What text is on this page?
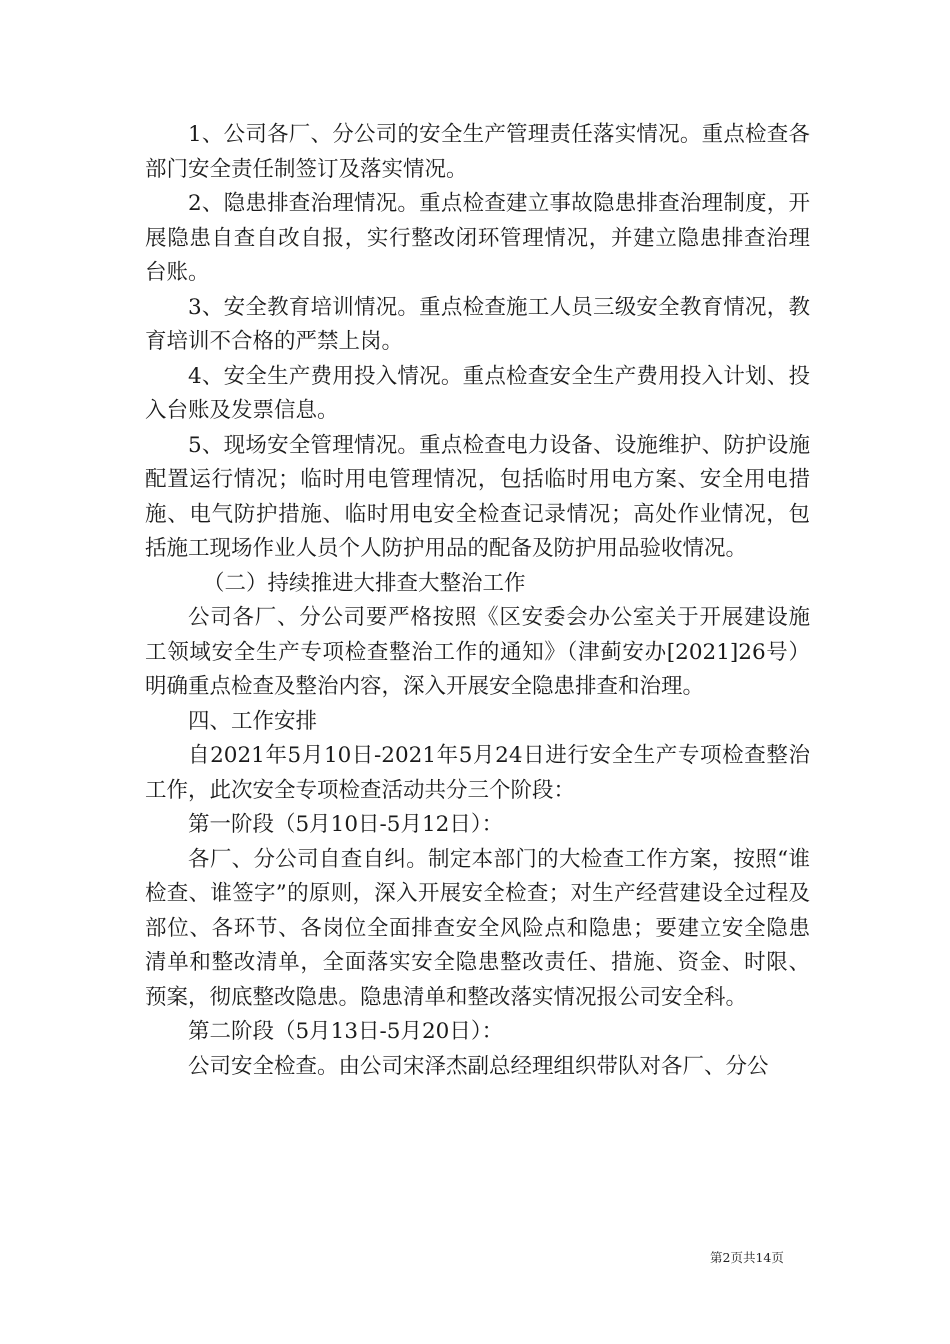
1、公司各厂、分公司的安全生产管理责任落实情况。重点检查各部门安全责任制签订及落实情况。

2、隐患排查治理情况。重点检查建立事故隐患排查治理制度，开展隐患自查自改自报，实行整改闭环管理情况，并建立隐患排查治理台账。

3、安全教育培训情况。重点检查施工人员三级安全教育情况，教育培训不合格的严禁上岗。

4、安全生产费用投入情况。重点检查安全生产费用投入计划、投入台账及发票信息。

5、现场安全管理情况。重点检查电力设备、设施维护、防护设施配置运行情况；临时用电管理情况，包括临时用电方案、安全用电措施、电气防护措施、临时用电安全检查记录情况；高处作业情况，包括施工现场作业人员个人防护用品的配备及防护用品验收情况。

（二）持续推进大排查大整治工作

公司各厂、分公司要严格按照《区安委会办公室关于开展建设施工领域安全生产专项检查整治工作的通知》（津蓟安办[2021]26号）明确重点检查及整治内容，深入开展安全隐患排查和治理。

四、工作安排

自2021年5月10日-2021年5月24日进行安全生产专项检查整治工作，此次安全专项检查活动共分三个阶段：

第一阶段（5月10日-5月12日）：

各厂、分公司自查自纠。制定本部门的大检查工作方案，按照“谁检查、谁签字”的原则，深入开展安全检查；对生产经营建设全过程及部位、各环节、各岗位全面排查安全风险点和隐患；要建立安全隐患清单和整改清单，全面落实安全隐患整改责任、措施、资金、时限、预案，彻底整改隐患。隐患清单和整改落实情况报公司安全科。

第二阶段（5月13日-5月20日）：

公司安全检查。由公司宋泽杰副总经理组织带队对各厂、分公

第2页共14页
